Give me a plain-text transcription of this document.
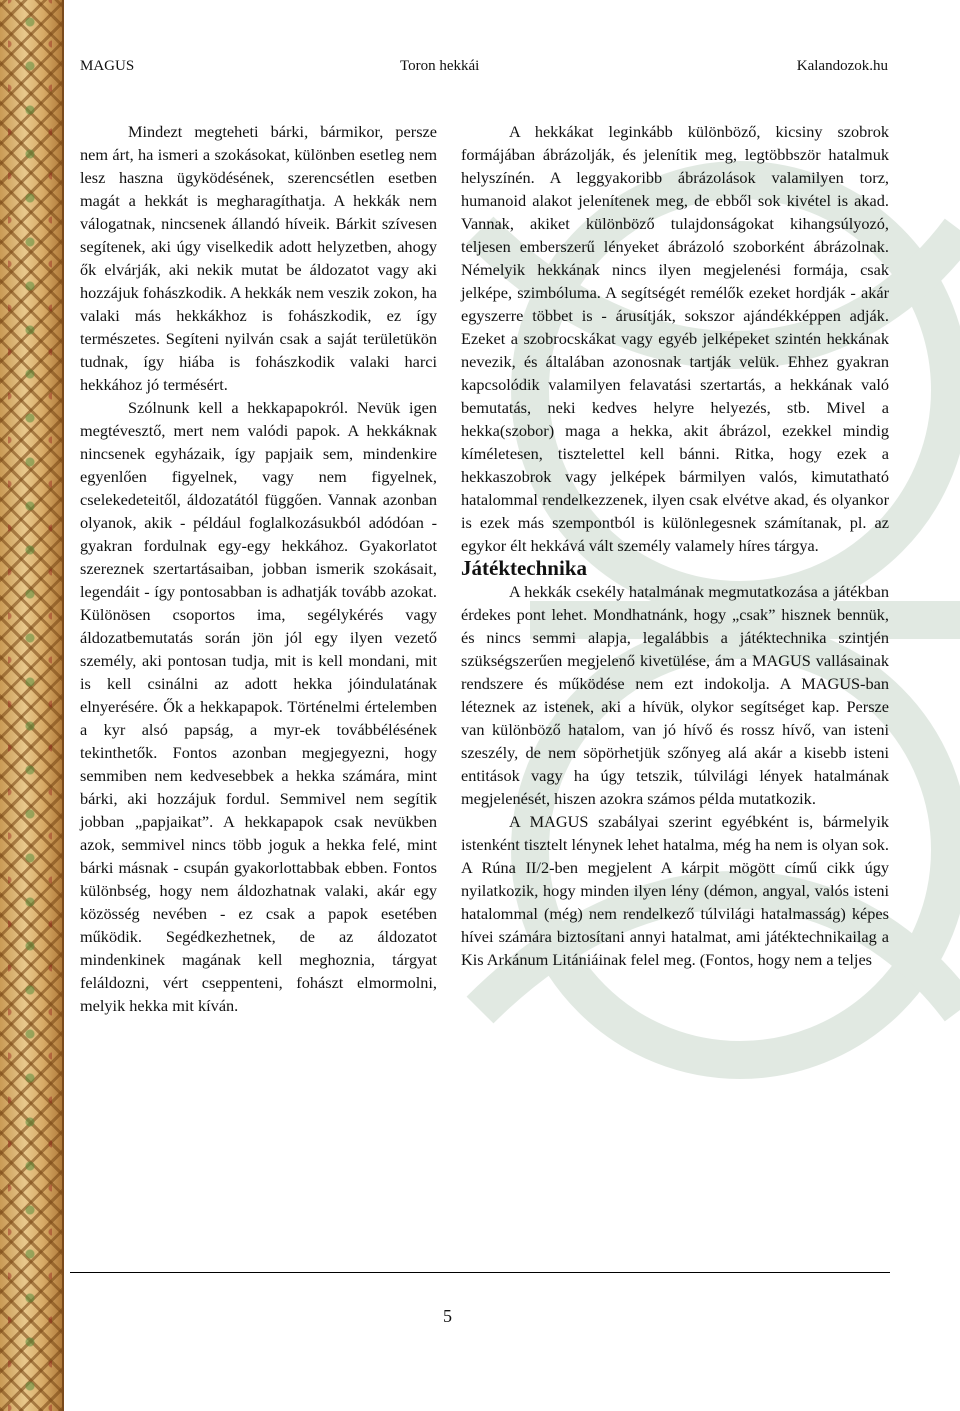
MAGUS	Toron hekkái	Kalandozok.hu

Mindezt megteheti bárki, bármikor, persze nem árt, ha ismeri a szokásokat, különben esetleg nem lesz haszna ügyködésének, szerencsétlen esetben magát a hekkát is megharagíthatja. A hekkák nem válogatnak, nincsenek állandó híveik. Bárkit szívesen segítenek, aki úgy viselkedik adott helyzetben, ahogy ők elvárják, aki nekik mutat be áldozatot vagy aki hozzájuk fohászkodik. A hekkák nem veszik zokon, ha valaki más hekkákhoz is fohászkodik, ez így természetes. Segíteni nyilván csak a saját területükön tudnak, így hiába is fohászkodik valaki harci hekkához jó termésért.

Szólnunk kell a hekkapapokról. Nevük igen megtévesztő, mert nem valódi papok. A hekkáknak nincsenek egyházaik, így papjaik sem, mindenkire egyenlően figyelnek, vagy nem figyelnek, cselekedeteitől, áldozatától függően. Vannak azonban olyanok, akik - például foglalkozásukból adódóan - gyakran fordulnak egy-egy hekkához. Gyakorlatot szereznek szertartásaiban, jobban ismerik szokásait, legendáit - így pontosabban is adhatják tovább azokat. Különösen csoportos ima, segélykérés vagy áldozatbemutatás során jön jól egy ilyen vezető személy, aki pontosan tudja, mit is kell mondani, mit is kell csinálni az adott hekka jóindulatának elnyerésére. Ők a hekkapapok. Történelmi értelemben a kyr alsó papság, a myr-ek továbbélésének tekinthetők. Fontos azonban megjegyezni, hogy semmiben nem kedvesebbek a hekka számára, mint bárki, aki hozzájuk fordul. Semmivel nem segítik jobban „papjaikat”. A hekkapapok csak nevükben azok, semmivel nincs több joguk a hekka felé, mint bárki másnak - csupán gyakorlottabbak ebben. Fontos különbség, hogy nem áldozhatnak valaki, akár egy közösség nevében - ez csak a papok esetében működik. Segédkezhetnek, de az áldozatot mindenkinek magának kell meghoznia, tárgyat feláldozni, vért cseppenteni, fohászt elmormolni, melyik hekka mit kíván.

A hekkákat leginkább különböző, kicsiny szobrok formájában ábrázolják, és jelenítik meg, legtöbbször hatalmuk helyszínén. A leggyakoribb ábrázolások valamilyen torz, humanoid alakot jelenítenek meg, de ebből sok kivétel is akad. Vannak, akiket különböző tulajdonságokat kihangsúlyozó, teljesen emberszerű lényeket ábrázoló szoborként ábrázolnak. Némelyik hekkának nincs ilyen megjelenési formája, csak jelképe, szimbóluma. A segítségét remélők ezeket hordják - akár egyszerre többet is - árusítják, sokszor ajándékképpen adják. Ezeket a szobrocskákat vagy egyéb jelképeket szintén hekkának nevezik, és általában azonosnak tartják velük. Ehhez gyakran kapcsolódik valamilyen felavatási szertartás, a hekkának való bemutatás, neki kedves helyre helyezés, stb. Mivel a hekka(szobor) maga a hekka, akit ábrázol, ezekkel mindig kíméletesen, tisztelettel kell bánni. Ritka, hogy ezek a hekkaszobrok vagy jelképek bármilyen valós, kimutatható hatalommal rendelkezzenek, ilyen csak elvétve akad, és olyankor is ezek más szempontból is különlegesnek számítanak, pl. az egykor élt hekkává vált személy valamely híres tárgya.

Játéktechnika

A hekkák csekély hatalmának megmutatkozása a játékban érdekes pont lehet. Mondhatnánk, hogy „csak” hisznek bennük, és nincs semmi alapja, legalábbis a játéktechnika szintjén szükségszerűen megjelenő kivetülése, ám a MAGUS vallásainak rendszere és működése nem ezt indokolja. A MAGUS-ban léteznek az istenek, aki a hívük, olykor segítséget kap. Persze van különböző hatalom, van jó hívő és rossz hívő, van isteni szeszély, de nem söpörhetjük szőnyeg alá akár a kisebb isteni entitások vagy ha úgy tetszik, túlvilági lények hatalmának megjelenését, hiszen azokra számos példa mutatkozik.

A MAGUS szabályai szerint egyébként is, bármelyik istenként tisztelt lénynek lehet hatalma, még ha nem is olyan sok. A Rúna II/2-ben megjelent A kárpit mögött című cikk úgy nyilatkozik, hogy minden ilyen lény (démon, angyal, valós isteni hatalommal (még) nem rendelkező túlvilági hatalmasság) képes hívei számára biztosítani annyi hatalmat, ami játéktechnikailag a Kis Arkánum Litániáinak felel meg. (Fontos, hogy nem a teljes

5
